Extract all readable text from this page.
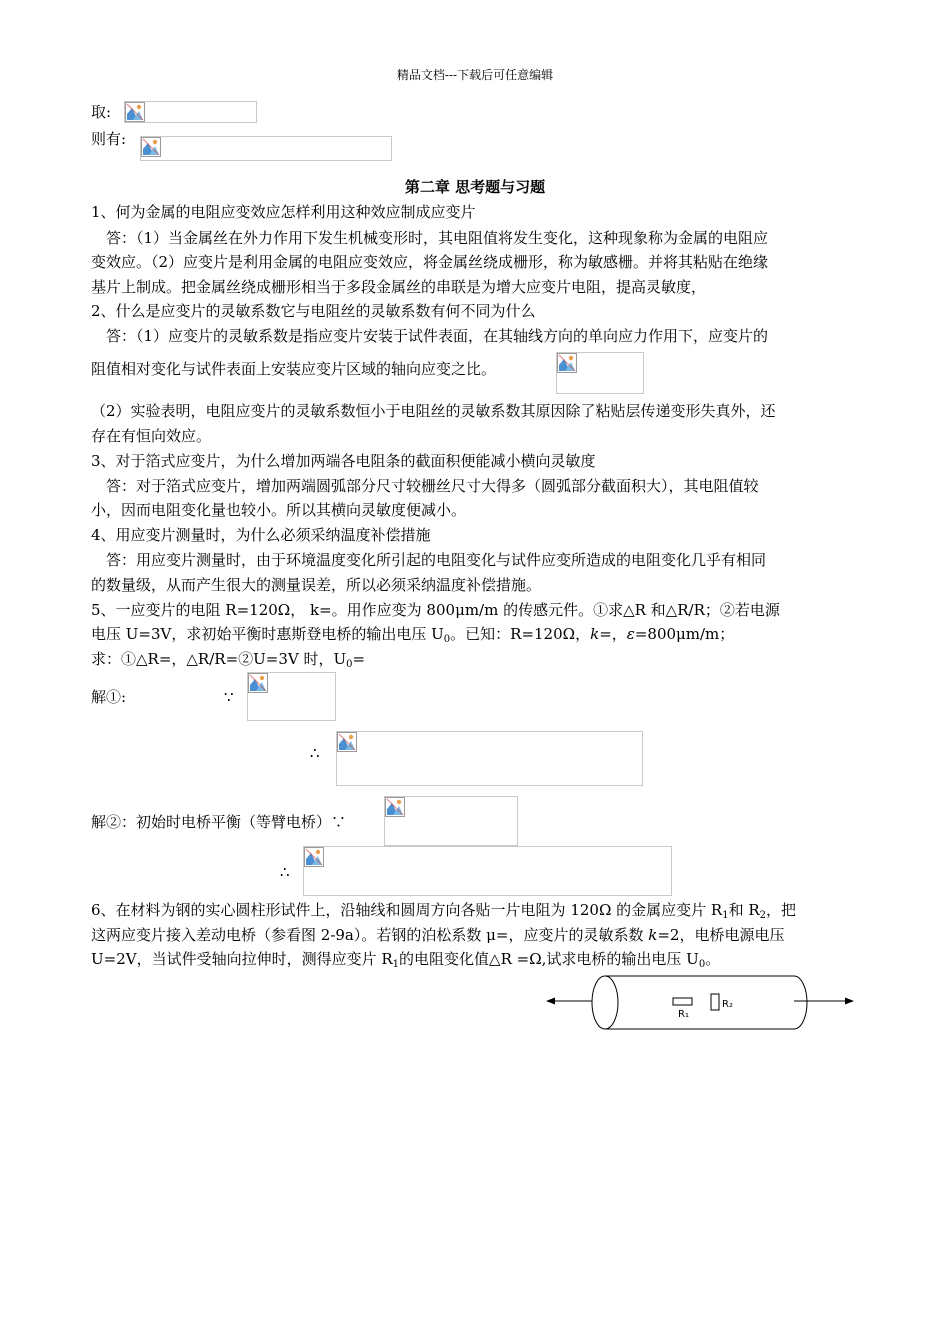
精品文档---下载后可任意编辑
取:
则有:
第二章 思考题与习题
1、何为金属的电阻应变效应怎样利用这种效应制成应变片
答：（1）当金属丝在外力作用下发生机械变形时，其电阻值将发生变化，这种现象称为金属的电阻应
变效应。（2）应变片是利用金属的电阻应变效应，将金属丝绕成栅形，称为敏感栅。并将其粘贴在绝缘
基片上制成。把金属丝绕成栅形相当于多段金属丝的串联是为增大应变片电阻，提高灵敏度，
2、什么是应变片的灵敏系数它与电阻丝的灵敏系数有何不同为什么
答：（1）应变片的灵敏系数是指应变片安装于试件表面，在其轴线方向的单向应力作用下，应变片的
阻值相对变化与试件表面上安装应变片区域的轴向应变之比。
（2）实验表明，电阻应变片的灵敏系数恒小于电阻丝的灵敏系数其原因除了粘贴层传递变形失真外，还
存在有恒向效应。
3、对于箔式应变片，为什么增加两端各电阻条的截面积便能减小横向灵敏度
答：对于箔式应变片，增加两端圆弧部分尺寸较栅丝尺寸大得多（圆弧部分截面积大），其电阻值较
小，因而电阻变化量也较小。所以其横向灵敏度便减小。
4、用应变片测量时，为什么必须采纳温度补偿措施
答：用应变片测量时，由于环境温度变化所引起的电阻变化与试件应变所造成的电阻变化几乎有相同
的数量级，从而产生很大的测量误差，所以必须采纳温度补偿措施。
5、一应变片的电阻 R=120Ω， k=。用作应变为 800μm/m 的传感元件。①求△R 和△R/R；②若电源
电压 U=3V，求初始平衡时惠斯登电桥的输出电压 $U_0$。已知：R=120Ω，k=，ε=800μm/m；
求：①△R=，△R/R=②U=3V 时，$U_0=$
解①:	∵
∴
解②：初始时电桥平衡（等臂电桥）∵
∴
6、在材料为钢的实心圆柱形试件上，沿轴线和圆周方向各贴一片电阻为 120Ω 的金属应变片 $R_1$和 $R_2$，把
这两应变片接入差动电桥（参看图 2-9a）。若钢的泊松系数 μ=，应变片的灵敏系数 k=2，电桥电源电压
U=2V，当试件受轴向拉伸时，测得应变片 $R_1$的电阻变化值△R =Ω,试求电桥的输出电压 $U_0$。
R₁
R₂
